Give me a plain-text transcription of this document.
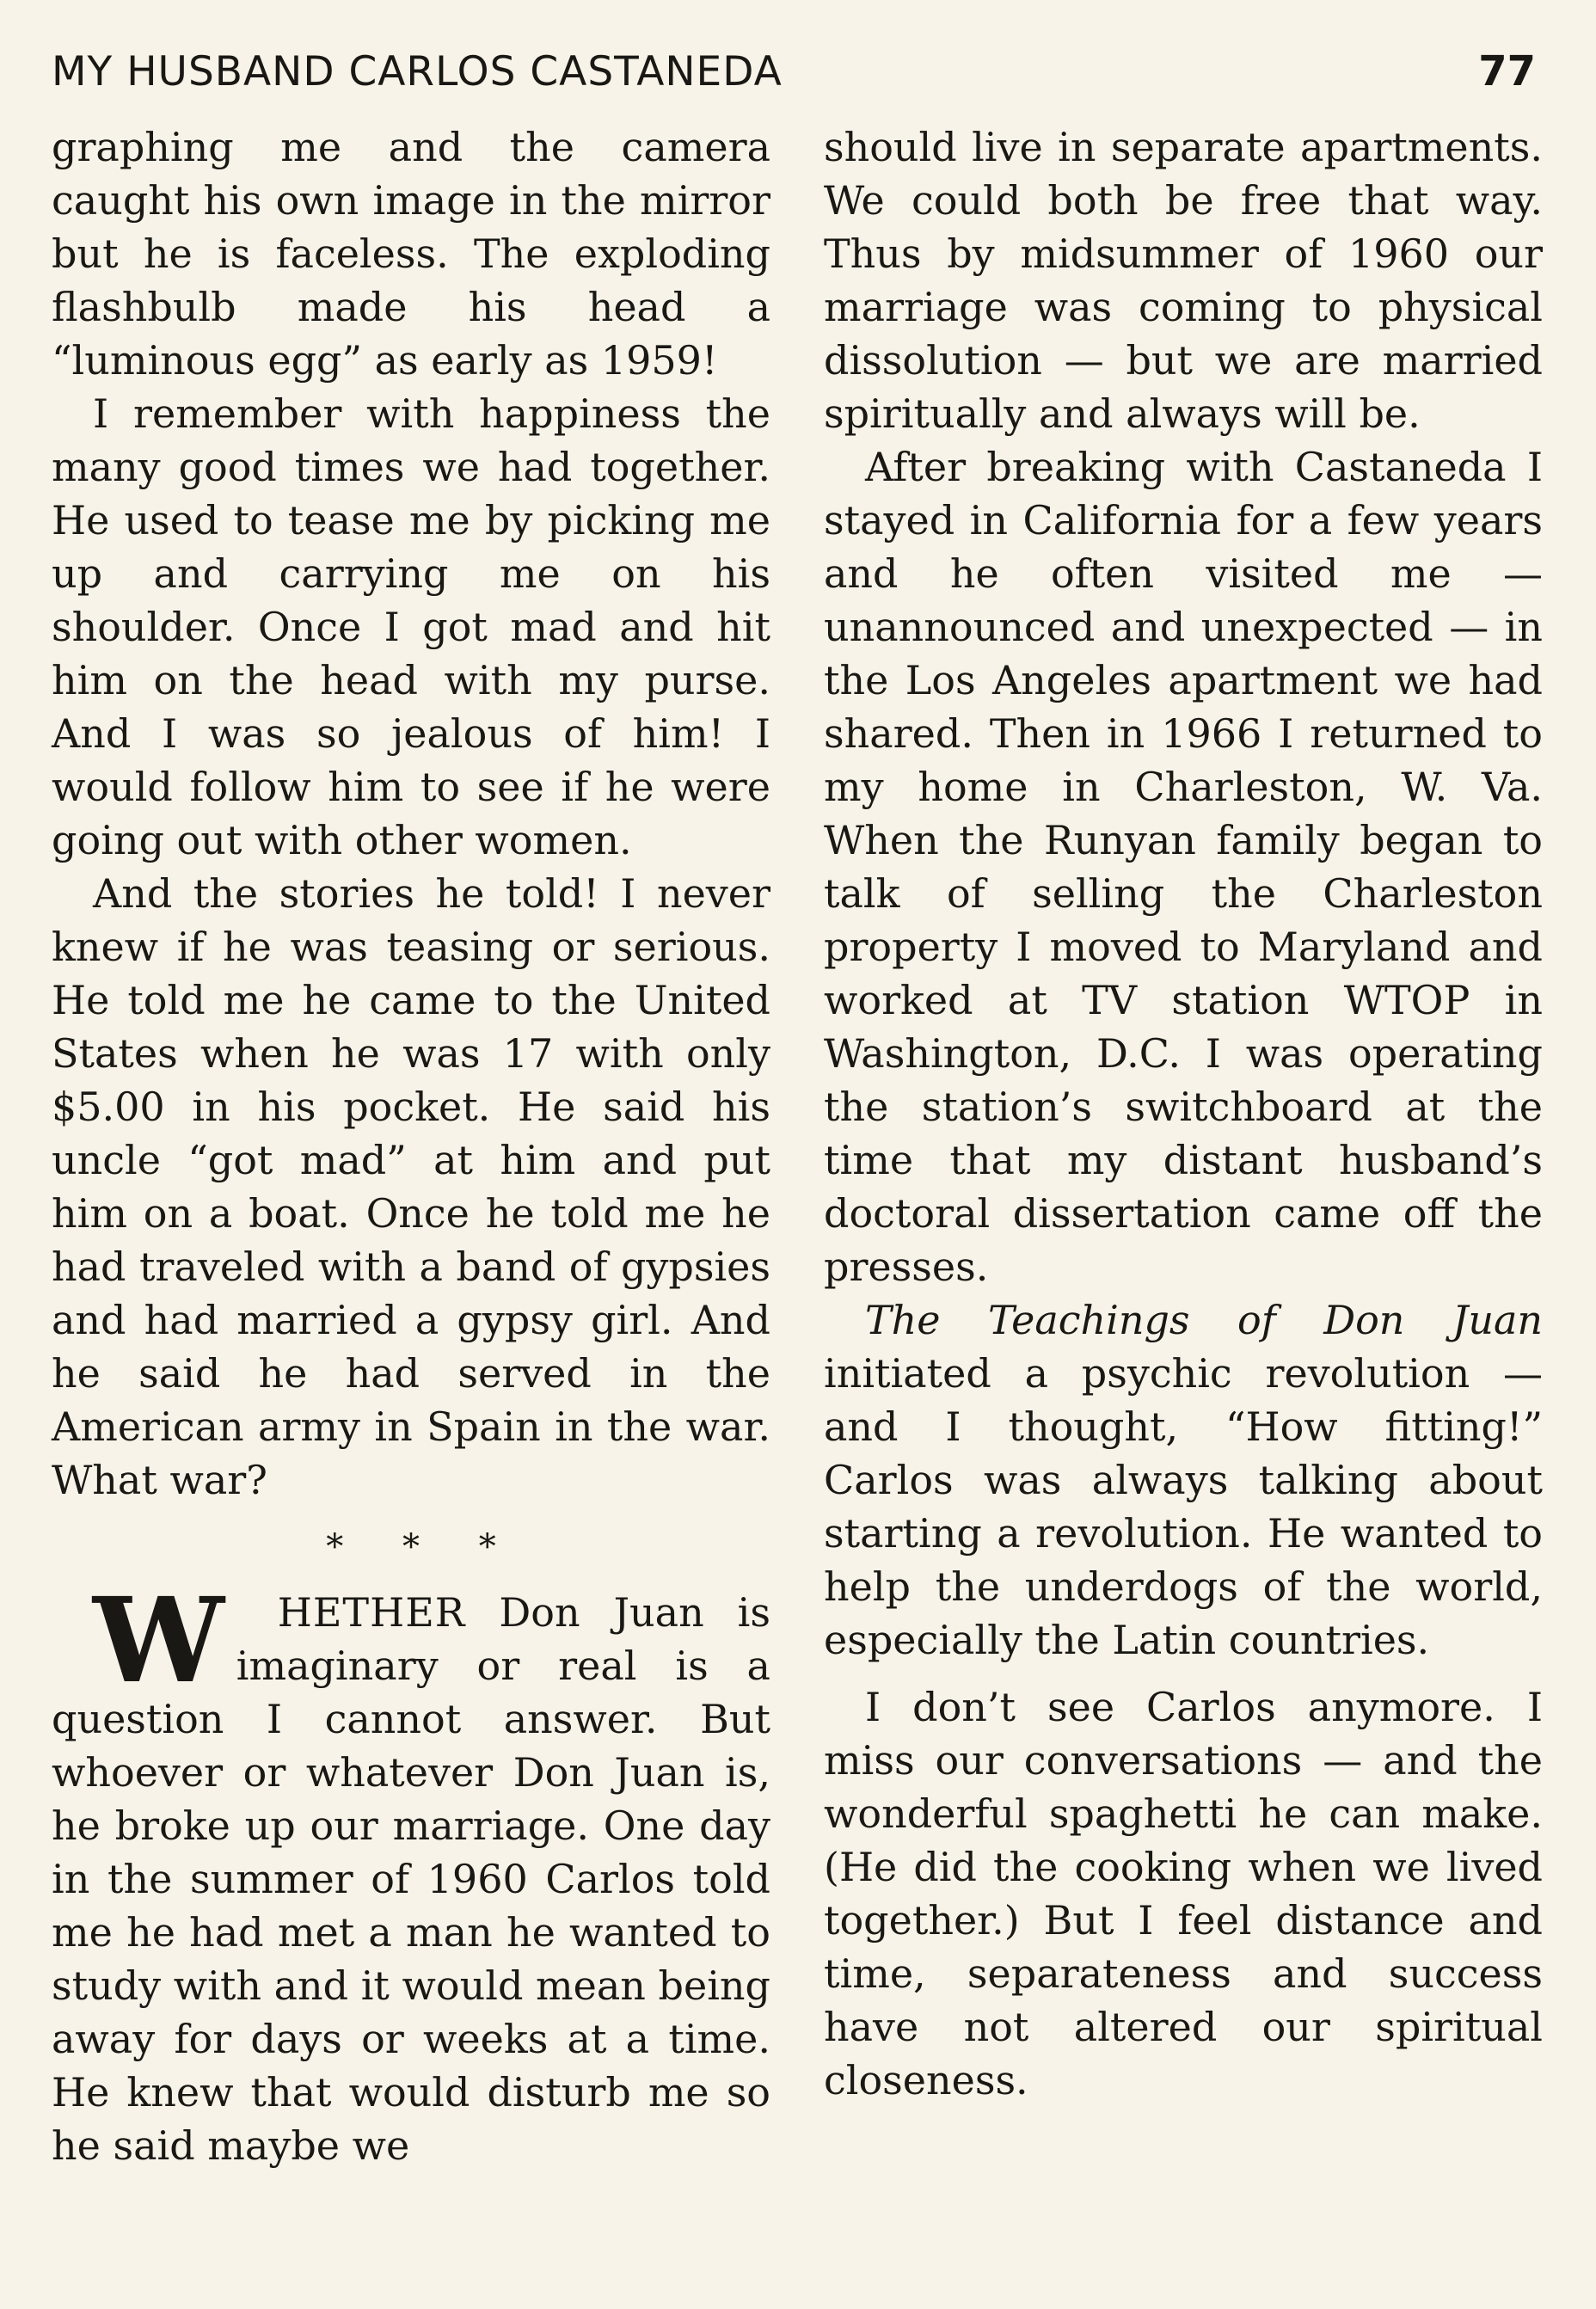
MY HUSBAND CARLOS CASTANEDA	77

graphing me and the camera caught his own image in the mirror but he is faceless. The exploding flashbulb made his head a “luminous egg” as early as 1959!

I remember with happiness the many good times we had together. He used to tease me by picking me up and carrying me on his shoulder. Once I got mad and hit him on the head with my purse. And I was so jealous of him! I would follow him to see if he were going out with other women.

And the stories he told! I never knew if he was teasing or serious. He told me he came to the United States when he was 17 with only $5.00 in his pocket. He said his uncle “got mad” at him and put him on a boat. Once he told me he had traveled with a band of gypsies and had married a gypsy girl. And he said he had served in the American army in Spain in the war. What war?

* * *

W HETHER Don Juan is imaginary or real is a question I cannot answer. But whoever or whatever Don Juan is, he broke up our marriage. One day in the summer of 1960 Carlos told me he had met a man he wanted to study with and it would mean being away for days or weeks at a time. He knew that would disturb me so he said maybe we

should live in separate apartments. We could both be free that way. Thus by midsummer of 1960 our marriage was coming to physical dissolution — but we are married spiritually and always will be.

After breaking with Castaneda I stayed in California for a few years and he often visited me — unannounced and unexpected — in the Los Angeles apartment we had shared. Then in 1966 I returned to my home in Charleston, W. Va. When the Runyan family began to talk of selling the Charleston property I moved to Maryland and worked at TV station WTOP in Washington, D.C. I was operating the station’s switchboard at the time that my distant husband’s doctoral dissertation came off the presses.

The Teachings of Don Juan initiated a psychic revolution — and I thought, “How fitting!” Carlos was always talking about starting a revolution. He wanted to help the underdogs of the world, especially the Latin countries.

I don’t see Carlos anymore. I miss our conversations — and the wonderful spaghetti he can make. (He did the cooking when we lived together.) But I feel distance and time, separateness and success have not altered our spiritual closeness.
